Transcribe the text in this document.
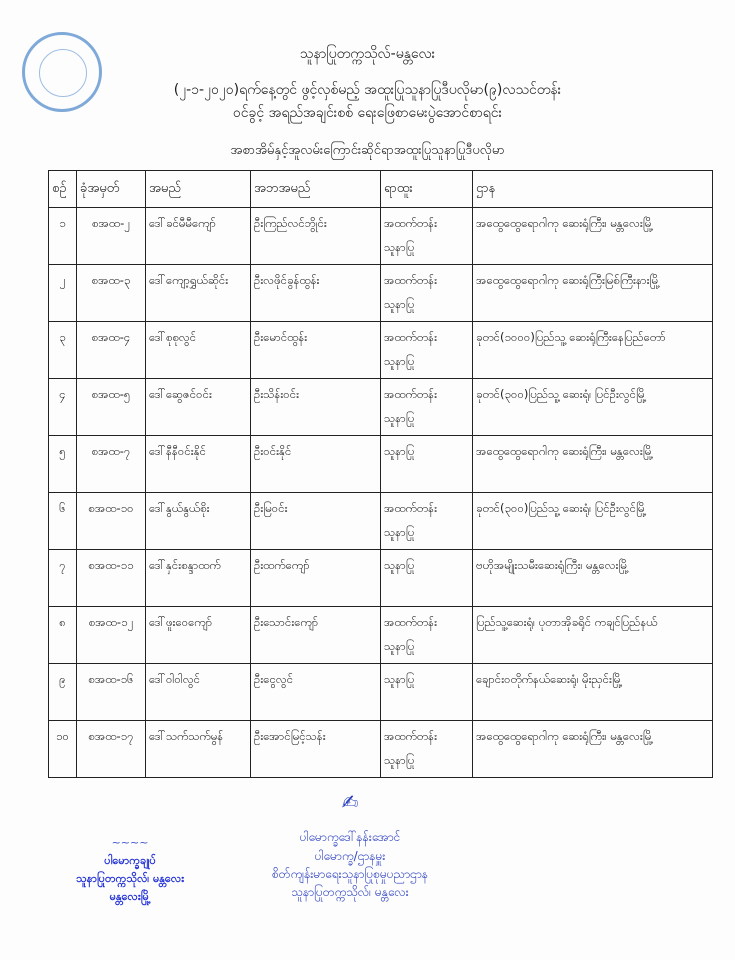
သူနာပြုတက္ကသိုလ်-မန္တလေး
(၂-၁-၂၀၂၀)ရက်နေ့တွင် ဖွင့်လှစ်မည့် အထူးပြုသူနာပြုဒီပလိုမာ(၉)လသင်တန်း
ဝင်ခွင့် အရည်အချင်းစစ် ရေးဖြေစာမေးပွဲအောင်စာရင်း
အစာအိမ်နှင့်အူလမ်းကြောင်းဆိုင်ရာအထူးပြုသူနာပြုဒီပလိုမာ
စဉ်	ခုံအမှတ်	အမည်	အဘအမည်	ရာထူး	ဌာန
၁	စအထ-၂	ဒေါ်ခင်မီမီကျော်	ဦးကြည်လင်ဘွိုင်း	အထက်တန်း သူနာပြု	အထွေထွေရောဂါကု ဆေးရုံကြီး၊ မန္တလေးမြို့
၂	စအထ-၃	ဒေါ်ကျော့ရွှယ်ဆိုင်း	ဦးလဖိုင်ခွန်ထွန်း	အထက်တန်း သူနာပြု	အထွေထွေရောဂါကု ဆေးရုံကြီးမြစ်ကြီးနားမြို့
၃	စအထ-၄	ဒေါ်စုစုလွင်	ဦးမောင်ထွန်း	အထက်တန်း သူနာပြု	ခုတင်(၁၀၀၀)ပြည်သူ့ ဆေးရုံကြီးနေပြည်တော်
၄	စအထ-၅	ဒေါ်ဆွေဇင်ဝင်း	ဦးသိန်းဝင်း	အထက်တန်း သူနာပြု	ခုတင်(၃၀၀)ပြည်သူ့ ဆေးရုံ၊ ပြင်ဦးလွင်မြို့
၅	စအထ-၇	ဒေါ်နီနီဝင်းနိုင်	ဦးဝင်းနိုင်	သူနာပြု	အထွေထွေရောဂါကု ဆေးရုံကြီး၊ မန္တလေးမြို့
၆	စအထ-၁၀	ဒေါ်နွယ်နွယ်စိုး	ဦးမြဝင်း	အထက်တန်း သူနာပြု	ခုတင်(၃၀၀)ပြည်သူ့ ဆေးရုံ၊ ပြင်ဦးလွင်မြို့
၇	စအထ-၁၁	ဒေါ်နှင်းစန္ဒာထက်	ဦးထက်ကျော်	သူနာပြု	ဗဟိုအမျိုးသမီးဆေးရုံကြီး၊ မန္တလေးမြို့
၈	စအထ-၁၂	ဒေါ်ဖူးဝေကျော်	ဦးသောင်းကျော်	အထက်တန်း သူနာပြု	ပြည်သူ့ဆေးရုံ၊ ပုတာအိုခရိုင် ကချင်ပြည်နယ်
၉	စအထ-၁၆	ဒေါ်ဝါဝါလွင်	ဦးငွေလွင်	သူနာပြု	ချောင်းဝတိုက်နယ်ဆေးရုံ၊ မိုးညှင်းမြို့
၁၀	စအထ-၁၇	ဒေါ်သက်သက်မွန်	ဦးအောင်မြင့်သန်း	အထက်တန်း သူနာပြု	အထွေထွေရောဂါကု ဆေးရုံကြီး၊ မန္တလေးမြို့
~~~~
ပါမောက္ခချုပ်
သူနာပြုတက္ကသိုလ်၊ မန္တလေး
မန္တလေးမြို့
✍
ပါမောက္ခဒေါ်နန်းအောင်
ပါမောက္ခ/ဌာနမှူး
စိတ်ကျန်းမာရေးသူနာပြုစုမှုပညာဌာန
သူနာပြုတက္ကသိုလ်၊ မန္တလေး
